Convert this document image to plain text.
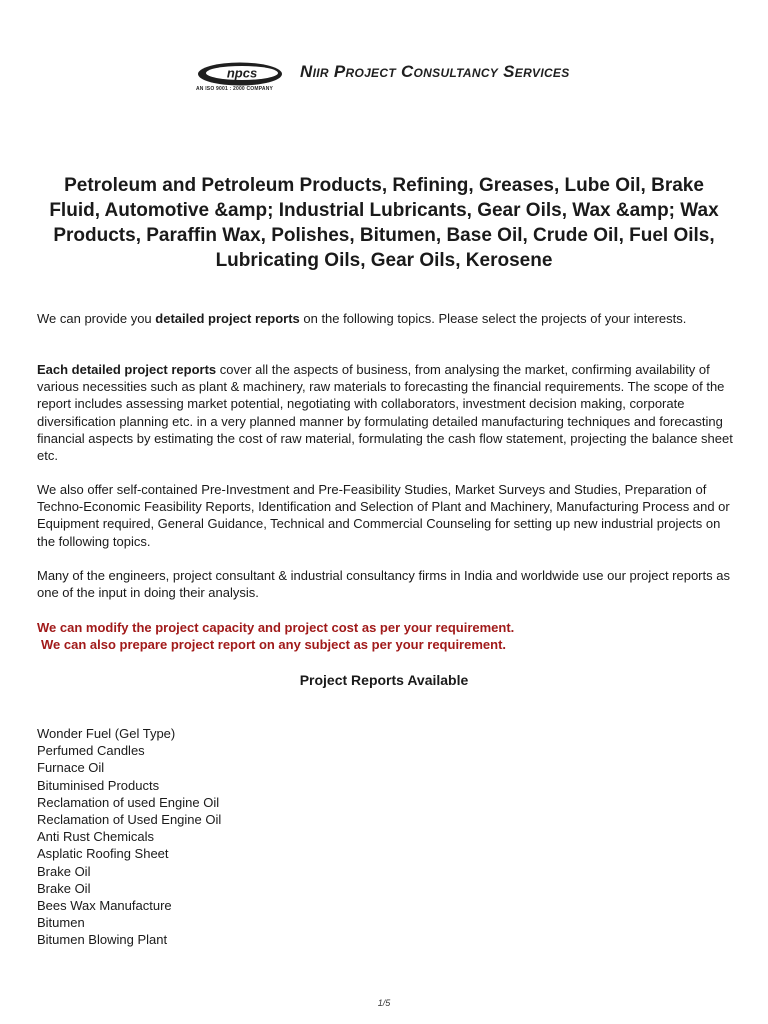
npcs
AN ISO 9001 : 2000 COMPANY
Niir Project Consultancy Services
Petroleum and Petroleum Products, Refining, Greases, Lube Oil, Brake Fluid, Automotive &amp; Industrial Lubricants, Gear Oils, Wax &amp; Wax Products, Paraffin Wax, Polishes, Bitumen, Base Oil, Crude Oil, Fuel Oils, Lubricating Oils, Gear Oils, Kerosene

We can provide you detailed project reports on the following topics. Please select the projects of your interests.

Each detailed project reports cover all the aspects of business, from analysing the market, confirming availability of various necessities such as plant & machinery, raw materials to forecasting the financial requirements. The scope of the report includes assessing market potential, negotiating with collaborators, investment decision making, corporate diversification planning etc. in a very planned manner by formulating detailed manufacturing techniques and forecasting financial aspects by estimating the cost of raw material, formulating the cash flow statement, projecting the balance sheet etc.

We also offer self-contained Pre-Investment and Pre-Feasibility Studies, Market Surveys and Studies, Preparation of Techno-Economic Feasibility Reports, Identification and Selection of Plant and Machinery, Manufacturing Process and or Equipment required, General Guidance, Technical and Commercial Counseling for setting up new industrial projects on the following topics.

Many of the engineers, project consultant & industrial consultancy firms in India and worldwide use our project reports as one of the input in doing their analysis.

We can modify the project capacity and project cost as per your requirement.

We can also prepare project report on any subject as per your requirement.

Project Reports Available
Wonder Fuel (Gel Type)
Perfumed Candles
Furnace Oil
Bituminised Products
Reclamation of used Engine Oil
Reclamation of Used Engine Oil
Anti Rust Chemicals
Asplatic Roofing Sheet
Brake Oil
Brake Oil
Bees Wax Manufacture
Bitumen
Bitumen Blowing Plant
1/5
